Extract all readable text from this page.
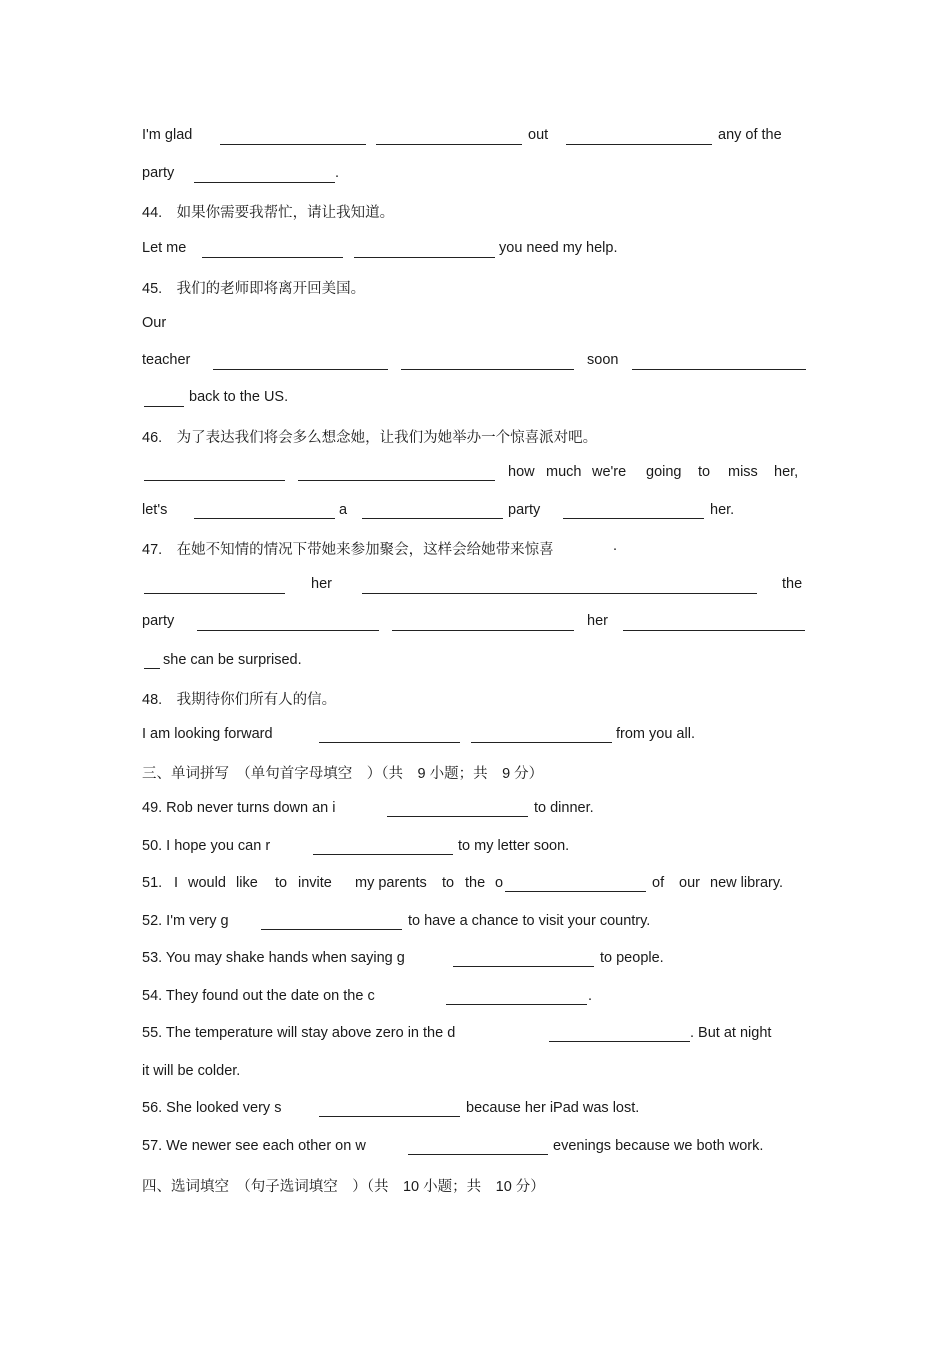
I'm glad	out	any of the
party	.
44.　如果你需要我帮忙，请让我知道。
Let me	you need my help.
45.　我们的老师即将离开回美国。
Our
teacher	soon
back to the US.
46.　为了表达我们将会多么想念她，让我们为她举办一个惊喜派对吧。
how much we're going to miss her,
let's	a	party	her.
47.　在她不知情的情况下带她来参加聚会，这样会给她带来惊喜	.
her	the
party	her
she can be surprised.
48.　我期待你们所有人的信。
I am looking forward	from you all.
三、单词拼写　（单句首字母填空　）（共　9 小题；共　9 分）
49. Rob never turns down an i	to dinner.
50. I hope you can r	to my letter soon.
51. I would like to invite my parents to the o	of our new library.
52. I'm very g	to have a chance to visit your country.
53. You may shake hands when saying g	to people.
54. They found out the date on the c	.
55. The temperature will stay above zero in the d	. But at night
it will be colder.
56. She looked very s	because her iPad was lost.
57. We newer see each other on w	evenings because we both work.
四、选词填空　（句子选词填空　）（共　10 小题；共　10 分）
